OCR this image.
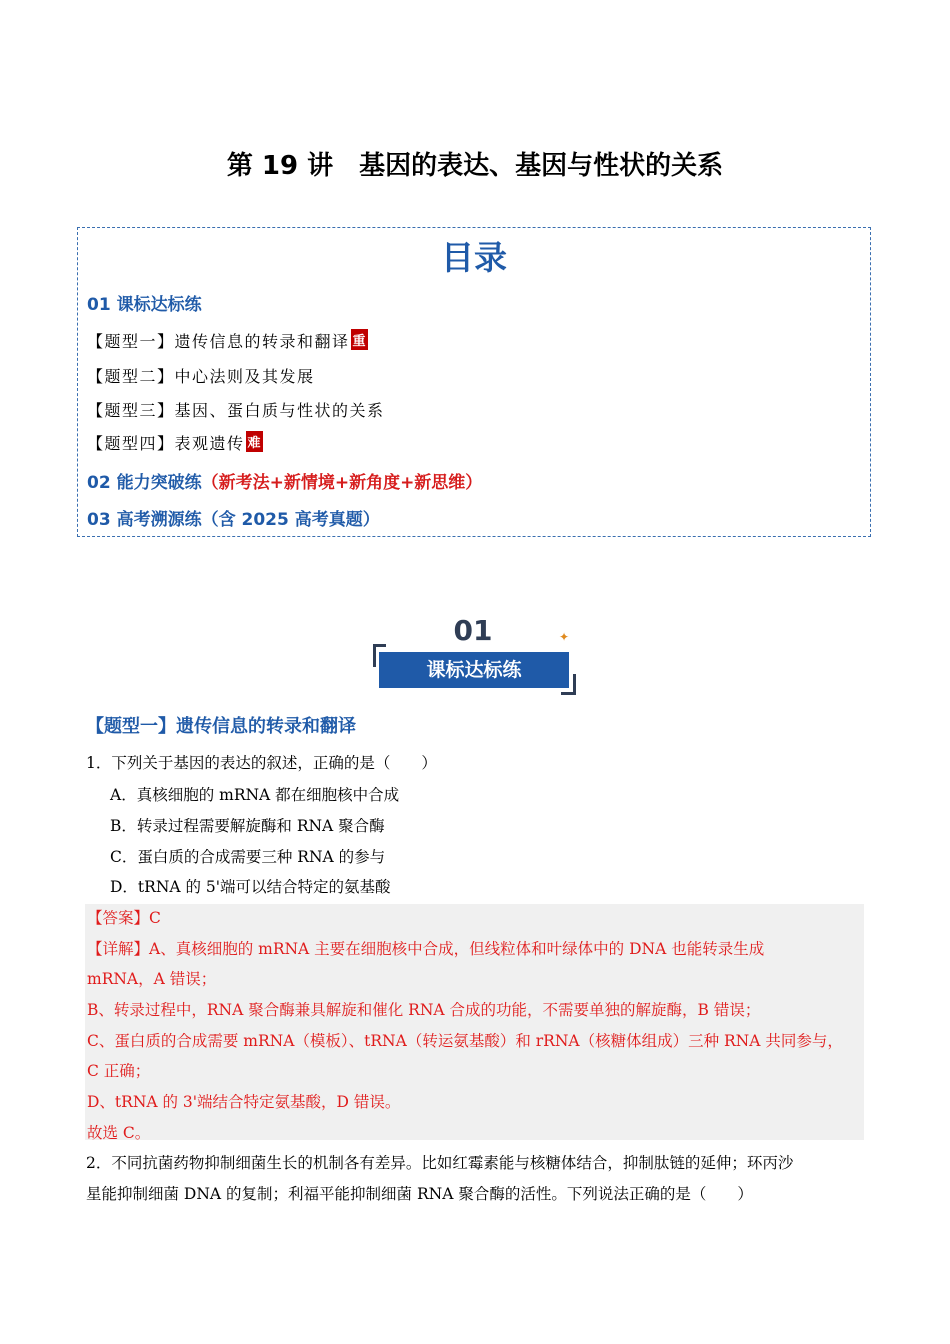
第 19 讲　基因的表达、基因与性状的关系
目录
01 课标达标练
【题型一】遗传信息的转录和翻译 重
【题型二】中心法则及其发展
【题型三】基因、蛋白质与性状的关系
【题型四】表观遗传 难
02 能力突破练（新考法+新情境+新角度+新思维）
03 高考溯源练（含 2025 高考真题）
01
课标达标练
✦
【题型一】遗传信息的转录和翻译
1．下列关于基因的表达的叙述，正确的是（　　）
A．真核细胞的 mRNA 都在细胞核中合成
B．转录过程需要解旋酶和 RNA 聚合酶
C．蛋白质的合成需要三种 RNA 的参与
D．tRNA 的 5'端可以结合特定的氨基酸
【答案】C
【详解】A、真核细胞的 mRNA 主要在细胞核中合成，但线粒体和叶绿体中的 DNA 也能转录生成
mRNA，A 错误；
B、转录过程中，RNA 聚合酶兼具解旋和催化 RNA 合成的功能，不需要单独的解旋酶，B 错误；
C、蛋白质的合成需要 mRNA（模板）、tRNA（转运氨基酸）和 rRNA（核糖体组成）三种 RNA 共同参与，
C 正确；
D、tRNA 的 3'端结合特定氨基酸，D 错误。
故选 C。
2．不同抗菌药物抑制细菌生长的机制各有差异。比如红霉素能与核糖体结合，抑制肽链的延伸；环丙沙
星能抑制细菌 DNA 的复制；利福平能抑制细菌 RNA 聚合酶的活性。下列说法正确的是（　　）
